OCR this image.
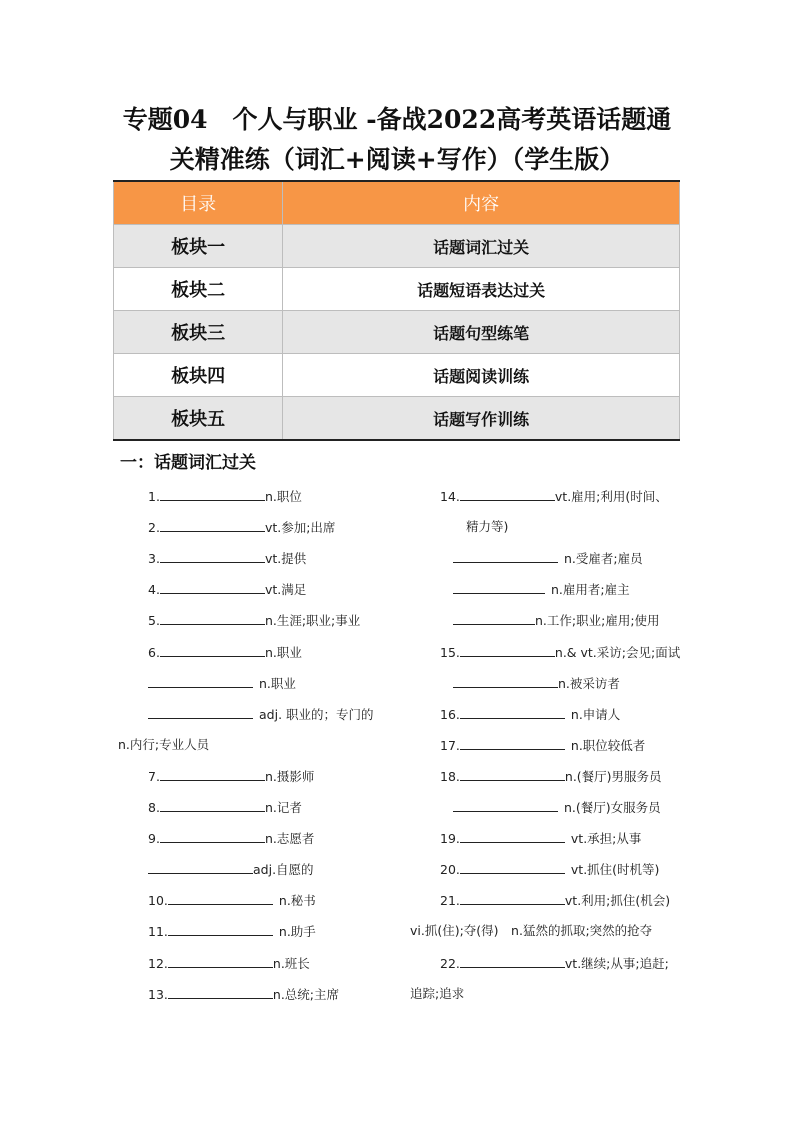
专题04　个人与职业 -备战2022高考英语话题通
关精准练（词汇+阅读+写作）（学生版）
目录	内容
板块一	话题词汇过关
板块二	话题短语表达过关
板块三	话题句型练笔
板块四	话题阅读训练
板块五	话题写作训练
一：话题词汇过关
1.	n.职位
2.	vt.参加;出席
3.	vt.提供
4.	vt.满足
5.	n.生涯;职业;事业
6.	n.职业
n.职业
adj. 职业的；专门的
n.内行;专业人员
7.	n.摄影师
8.	n.记者
9.	n.志愿者
adj.自愿的
10.	n.秘书
11.	n.助手
12.	n.班长
13.	n.总统;主席
14.	vt.雇用;利用(时间、
精力等)
n.受雇者;雇员
n.雇用者;雇主
n.工作;职业;雇用;使用
15.	n.& vt.采访;会见;面试
n.被采访者
16.	n.申请人
17.	n.职位较低者
18.	n.(餐厅)男服务员
n.(餐厅)女服务员
19.	vt.承担;从事
20.	vt.抓住(时机等)
21.	vt.利用;抓住(机会)
vi.抓(住);夺(得)　n.猛然的抓取;突然的抢夺
22.	vt.继续;从事;追赶;
追踪;追求
